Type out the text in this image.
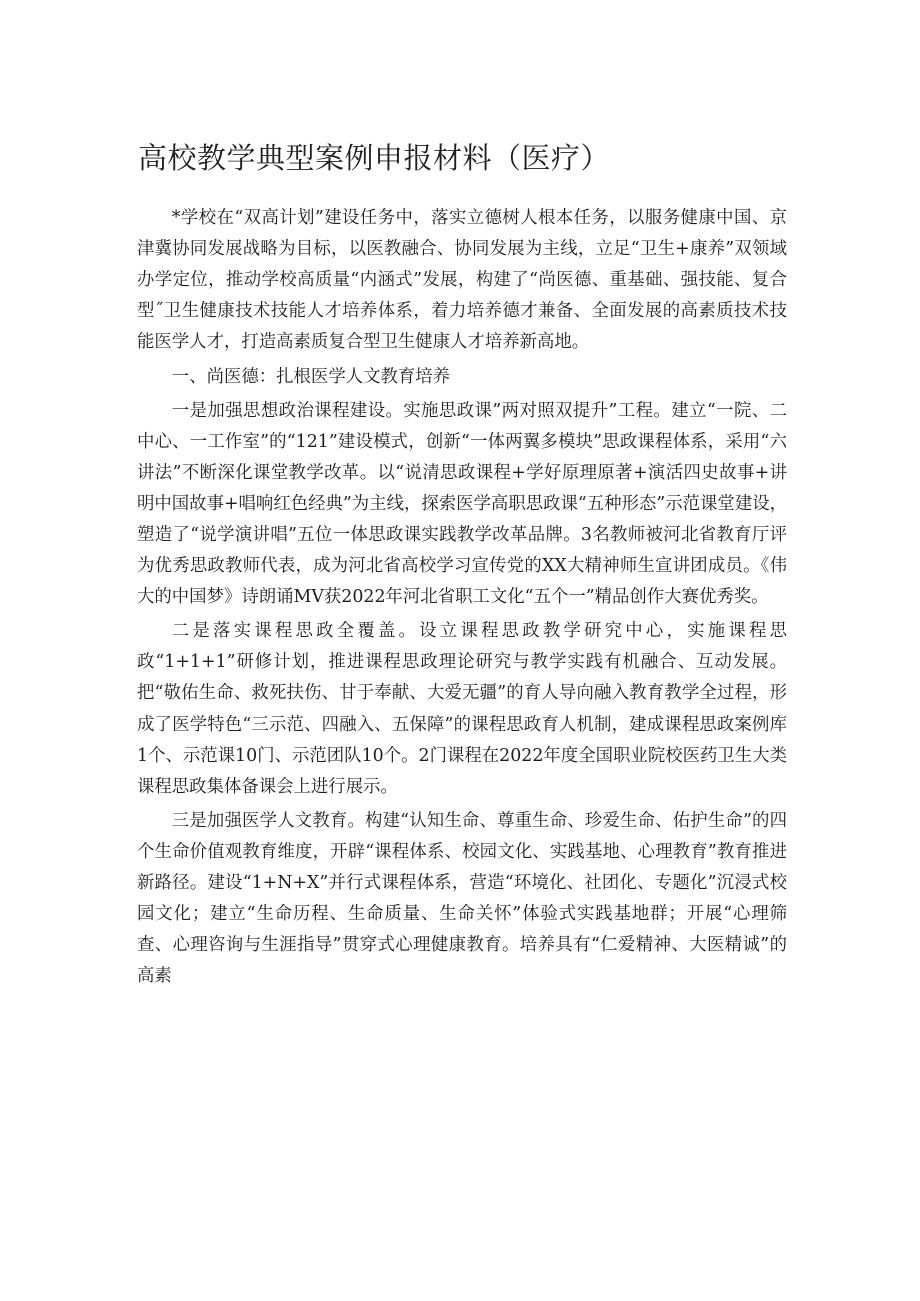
高校教学典型案例申报材料（医疗）

*学校在“双高计划”建设任务中，落实立德树人根本任务，以服务健康中国、京津冀协同发展战略为目标，以医教融合、协同发展为主线，立足“卫生+康养”双领域办学定位，推动学校高质量“内涵式”发展，构建了“尚医德、重基础、强技能、复合型˝卫生健康技术技能人才培养体系，着力培养德才兼备、全面发展的高素质技术技能医学人才，打造高素质复合型卫生健康人才培养新高地。

一、尚医德：扎根医学人文教育培养

一是加强思想政治课程建设。实施思政课”两对照双提升”工程。建立“一院、二中心、一工作室”的“121”建设模式，创新“一体两翼多模块”思政课程体系，采用“六讲法”不断深化课堂教学改革。以“说清思政课程+学好原理原著+演活四史故事+讲明中国故事+唱响红色经典”为主线，探索医学高职思政课“五种形态”示范课堂建设，塑造了“说学演讲唱”五位一体思政课实践教学改革品牌。3名教师被河北省教育厅评为优秀思政教师代表，成为河北省高校学习宣传党的XX大精神师生宣讲团成员。《伟大的中国梦》诗朗诵MV获2022年河北省职工文化“五个一”精品创作大赛优秀奖。

二是落实课程思政全覆盖。设立课程思政教学研究中心，实施课程思政“1+1+1”研修计划，推进课程思政理论研究与教学实践有机融合、互动发展。把“敬佑生命、救死扶伤、甘于奉献、大爱无疆”的育人导向融入教育教学全过程，形成了医学特色“三示范、四融入、五保障”的课程思政育人机制，建成课程思政案例库1个、示范课10门、示范团队10个。2门课程在2022年度全国职业院校医药卫生大类课程思政集体备课会上进行展示。

三是加强医学人文教育。构建“认知生命、尊重生命、珍爱生命、佑护生命”的四个生命价值观教育维度，开辟“课程体系、校园文化、实践基地、心理教育”教育推进新路径。建设“1+N+X”并行式课程体系，营造“环境化、社团化、专题化”沉浸式校园文化；建立“生命历程、生命质量、生命关怀”体验式实践基地群；开展“心理筛查、心理咨询与生涯指导”贯穿式心理健康教育。培养具有“仁爱精神、大医精诚”的高素
